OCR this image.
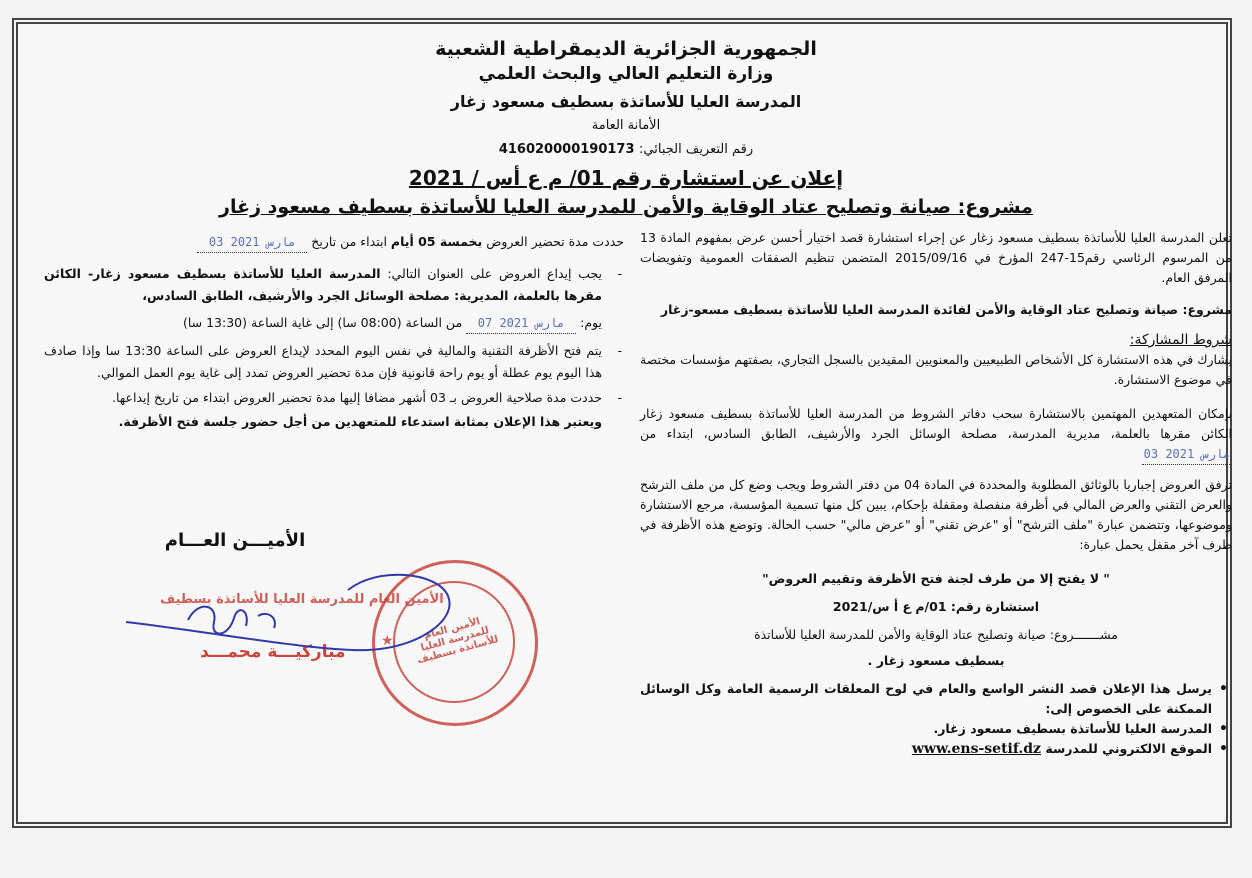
الجمهورية الجزائرية الديمقراطية الشعبية
وزارة التعليم العالي والبحث العلمي
المدرسة العليا للأساتذة بسطيف مسعود زغار
الأمانة العامة
رقم التعريف الجبائي: 416020000190173
إعلان عن استشارة رقم 01/ م ع أس / 2021
مشروع: صيانة وتصليح عتاد الوقاية والأمن للمدرسة العليا للأساتذة بسطيف مسعود زغار

تعلن المدرسة العليا للأساتذة بسطيف مسعود زغار عن إجراء استشارة قصد اختيار أحسن عرض بمفهوم المادة 13 من المرسوم الرئاسي رقم15-247 المؤرخ في 2015/09/16 المتضمن تنظيم الصفقات العمومية وتفويضات المرفق العام.

مشروع: صيانة وتصليح عتاد الوقاية والأمن لفائدة المدرسة العليا للأساتذة بسطيف مسعو-زغار

شروط المشاركة:

يشارك في هذه الاستشارة كل الأشخاص الطبيعيين والمعنويين المقيدين بالسجل التجاري، بصفتهم مؤسسات مختصة في موضوع الاستشارة.

بإمكان المتعهدين المهتمين بالاستشارة سحب دفاتر الشروط من المدرسة العليا للأساتذة بسطيف مسعود زغار الكائن مقرها بالعلمة، مديرية المدرسة، مصلحة الوسائل الجرد والأرشيف، الطابق السادس، ابتداء من 03 مارس 2021

ترفق العروض إجباريا بالوثائق المطلوبة والمحددة في المادة 04 من دفتر الشروط ويجب وضع كل من ملف الترشح والعرض التقني والعرض المالي في أظرفة منفصلة ومقفلة بإحكام، يبين كل منها تسمية المؤسسة، مرجع الاستشارة وموضوعها، وتتضمن عبارة "ملف الترشح" أو "عرض تقني" أو "عرض مالي" حسب الحالة. وتوضع هذه الأظرفة في ظرف آخر مقفل يحمل عبارة:

" لا يفتح إلا من طرف لجنة فتح الأظرفة وتقييم العروض"

استشارة رقم: 01/م ع أ س/2021

مشـــــــروع: صيانة وتصليح عتاد الوقاية والأمن للمدرسة العليا للأساتذة

بسطيف مسعود زغار .

• يرسل هذا الإعلان قصد النشر الواسع والعام في لوح المعلقات الرسمية العامة وكل الوسائل الممكنة على الخصوص إلى:

• المدرسة العليا للأساتذة بسطيف مسعود زغار.

• الموقع الالكتروني للمدرسة www.ens-setif.dz

حددت مدة تحضير العروض بخمسة 05 أيام ابتداء من تاريخ 03 مارس 2021

- يجب إيداع العروض على العنوان التالي: المدرسة العليا للأساتذة بسطيف مسعود زغار- الكائن مقرها بالعلمة، المديرية: مصلحة الوسائل الجرد والأرشيف، الطابق السادس،

يوم: 07 مارس 2021 من الساعة (08:00 سا) إلى غاية الساعة (13:30 سا)

- يتم فتح الأظرفة التقنية والمالية في نفس اليوم المحدد لإيداع العروض على الساعة 13:30 سا وإذا صادف هذا اليوم يوم عطلة أو يوم راحة قانونية فإن مدة تحضير العروض تمدد إلى غاية يوم العمل الموالي.

- حددت مدة صلاحية العروض بـ 03 أشهر مضافا إليها مدة تحضير العروض ابتداء من تاريخ إيداعها.

ويعتبر هذا الإعلان بمثابة استدعاء للمتعهدين من أجل حضور جلسة فتح الأظرفة.

الأميـــن العـــام
★	الأمين العام للمدرسة العليا للأساتذة بسطيف
الأمين العام للمدرسة العليا للأساتذة بسطيف
مباركيـــة محمـــد
